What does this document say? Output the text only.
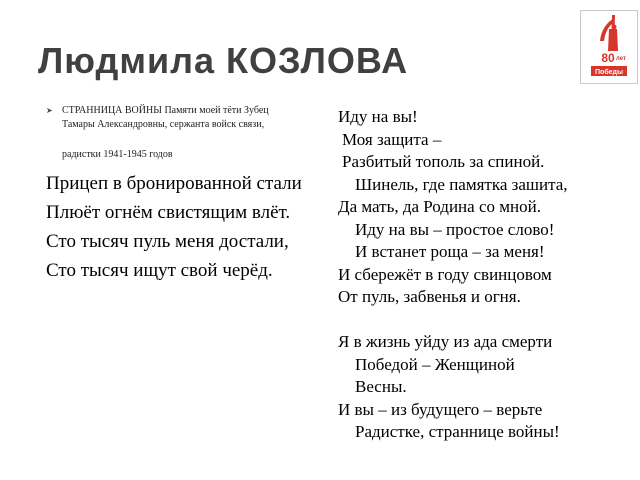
Людмила КОЗЛОВА	80 лет
Победы
➤ СТРАННИЦА ВОЙНЫ Памяти моей тёти Зубец
Тамары Александровны, сержанта войск связи,
радистки 1941-1945 годов
Прицеп в бронированной стали
Плюёт огнём свистящим влёт.
Сто тысяч пуль меня достали,
Сто тысяч ищут свой черёд.
Иду на вы!
Моя защита –
Разбитый тополь за спиной.
Шинель, где памятка зашита,
Да мать, да Родина со мной.
Иду на вы – простое слово!
И встанет роща – за меня!
И сбережёт в году свинцовом
От пуль, забвенья и огня.
Я в жизнь уйду из ада смерти
Победой – Женщиной
Весны.
И вы – из будущего – верьте
Радистке, страннице войны!
